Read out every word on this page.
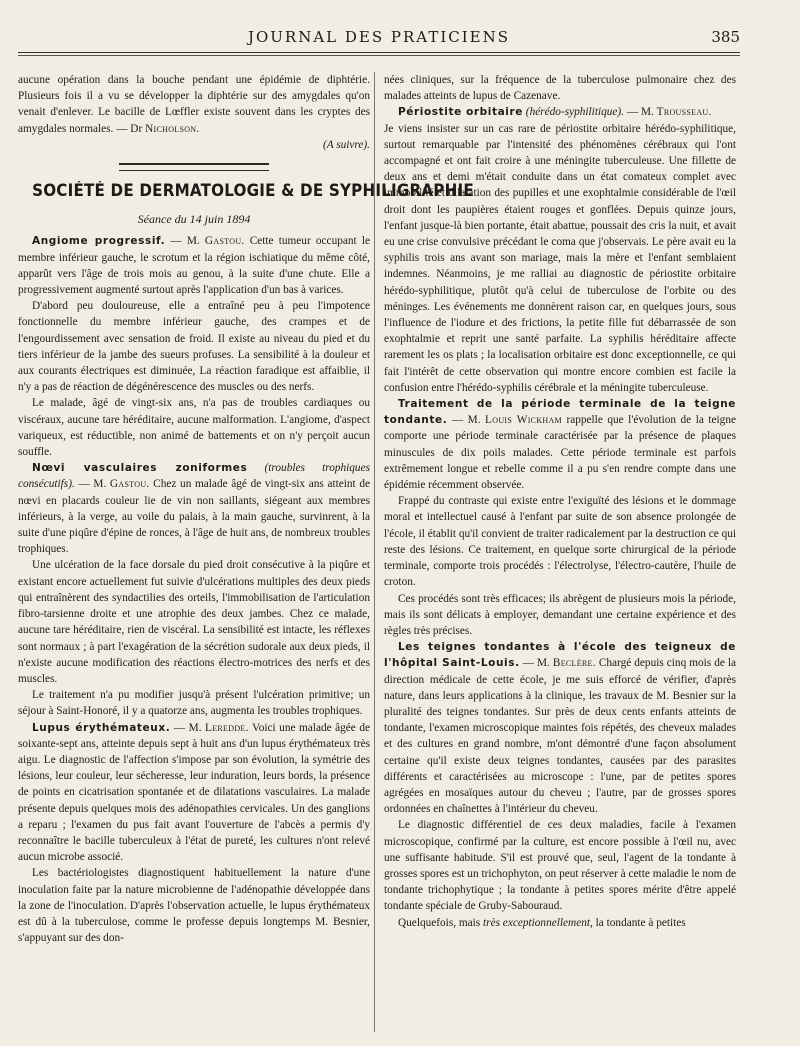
JOURNAL DES PRATICIENS	385

aucune opération dans la bouche pendant une épidémie de diphtérie. Plusieurs fois il a vu se développer la diphtérie sur des amygdales qu'on venait d'enlever. Le bacille de Lœffler existe souvent dans les cryptes des amygdales normales. — Dr Nicholson.

(A suivre).

SOCIÉTÉ DE DERMATOLOGIE & DE SYPHILIGRAPHIE
Séance du 14 juin 1894

Angiome progressif. — M. Gastou. Cette tumeur occupant le membre inférieur gauche, le scrotum et la région ischiatique du même côté, apparût vers l'âge de trois mois au genou, à la suite d'une chute. Elle a progressivement augmenté surtout après l'application d'un bas à varices.

D'abord peu douloureuse, elle a entraîné peu à peu l'impotence fonctionnelle du membre inférieur gauche, des crampes et de l'engourdissement avec sensation de froid. Il existe au niveau du pied et du tiers inférieur de la jambe des sueurs profuses. La sensibilité à la douleur et aux courants électriques est diminuée, La réaction faradique est affaiblie, il n'y a pas de réaction de dégénérescence des muscles ou des nerfs.

Le malade, âgé de vingt-six ans, n'a pas de troubles cardiaques ou viscéraux, aucune tare héréditaire, aucune malformation. L'angiome, d'aspect variqueux, est réductible, non animé de battements et on n'y perçoit aucun souffle.

Nœvi vasculaires zoniformes (troubles trophiques consécutifs). — M. Gastou. Chez un malade âgé de vingt-six ans atteint de nœvi en placards couleur lie de vin non saillants, siégeant aux membres inférieurs, à la verge, au voile du palais, à la main gauche, survinrent, à la suite d'une piqûre d'épine de ronces, à l'âge de huit ans, de nombreux troubles trophiques.

Une ulcération de la face dorsale du pied droit consécutive à la piqûre et existant encore actuellement fut suivie d'ulcérations multiples des deux pieds qui entraînèrent des syndactilies des orteils, l'immobilisation de l'articulation fibro-tarsienne droite et une atrophie des deux jambes. Chez ce malade, aucune tare héréditaire, rien de viscéral. La sensibilité est intacte, les réflexes sont normaux ; à part l'exagération de la sécrétion sudorale aux deux pieds, il n'existe aucune modification des réactions électro-motrices des nerfs et des muscles.

Le traitement n'a pu modifier jusqu'à présent l'ulcération primitive; un séjour à Saint-Honoré, il y a quatorze ans, augmenta les troubles trophiques.

Lupus érythémateux. — M. Leredde. Voici une malade âgée de soixante-sept ans, atteinte depuis sept à huit ans d'un lupus érythémateux très aigu. Le diagnostic de l'affection s'impose par son évolution, la symétrie des lésions, leur couleur, leur sécheresse, leur induration, leurs bords, la présence de points en cicatrisation spontanée et de dilatations vasculaires. La malade présente depuis quelques mois des adénopathies cervicales. Un des ganglions a reparu ; l'examen du pus fait avant l'ouverture de l'abcès a permis d'y reconnaître le bacille tuberculeux à l'état de pureté, les cultures n'ont relevé aucun microbe associé.

Les bactériologistes diagnostiquent habituellement la nature d'une inoculation faite par la nature microbienne de l'adénopathie développée dans la zone de l'inoculation. D'après l'observation actuelle, le lupus érythémateux est dû à la tuberculose, comme le professe depuis longtemps M. Besnier, s'appuyant sur des don-

nées cliniques, sur la fréquence de la tuberculose pulmonaire chez des malades atteints de lupus de Cazenave.

Périostite orbitaire (hérédo-syphilitique). — M. Trousseau.

Je viens insister sur un cas rare de périostite orbitaire hérédo-syphilitique, surtout remarquable par l'intensité des phénomènes cérébraux qui l'ont accompagné et ont fait croire à une méningite tuberculeuse. Une fillette de deux ans et demi m'était conduite dans un état comateux complet avec immobilité et dilatation des pupilles et une exophtalmie considérable de l'œil droit dont les paupières étaient rouges et gonflées. Depuis quinze jours, l'enfant jusque-là bien portante, était abattue, poussait des cris la nuit, et avait eu une crise convulsive précédant le coma que j'observais. Le père avait eu la syphilis trois ans avant son mariage, mais la mère et l'enfant semblaient indemnes. Néanmoins, je me ralliai au diagnostic de périostite orbitaire hérédo-syphilitique, plutôt qu'à celui de tuberculose de l'orbite ou des méninges. Les événements me donnèrent raison car, en quelques jours, sous l'influence de l'iodure et des frictions, la petite fille fut débarrassée de son exophtalmie et reprit une santé parfaite. La syphilis héréditaire affecte rarement les os plats ; la localisation orbitaire est donc exceptionnelle, ce qui fait l'intérêt de cette observation qui montre encore combien est facile la confusion entre l'hérédo-syphilis cérébrale et la méningite tuberculeuse.

Traitement de la période terminale de la teigne tondante. — M. Louis Wickham rappelle que l'évolution de la teigne comporte une période terminale caractérisée par la présence de plaques minuscules de dix poils malades. Cette période terminale est parfois extrêmement longue et rebelle comme il a pu s'en rendre compte dans une épidémie récemment observée.

Frappé du contraste qui existe entre l'exiguïté des lésions et le dommage moral et intellectuel causé à l'enfant par suite de son absence prolongée de l'école, il établit qu'il convient de traiter radicalement par la destruction ce qui reste des lésions. Ce traitement, en quelque sorte chirurgical de la période terminale, comporte trois procédés : l'électrolyse, l'électro-cautère, l'huile de croton.

Ces procédés sont très efficaces; ils abrègent de plusieurs mois la période, mais ils sont délicats à employer, demandant une certaine expérience et des règles très précises.

Les teignes tondantes à l'école des teigneux de l'hôpital Saint-Louis. — M. Beclère. Chargé depuis cinq mois de la direction médicale de cette école, je me suis efforcé de vérifier, d'après nature, dans leurs applications à la clinique, les travaux de M. Besnier sur la pluralité des teignes tondantes. Sur près de deux cents enfants atteints de tondante, l'examen microscopique maintes fois répétés, des cheveux malades et des cultures en grand nombre, m'ont démontré d'une façon absolument certaine qu'il existe deux teignes tondantes, causées par des parasites différents et caractérisées au microscope : l'une, par de petites spores agrégées en mosaïques autour du cheveu ; l'autre, par de grosses spores ordonnées en chaînettes à l'intérieur du cheveu.

Le diagnostic différentiel de ces deux maladies, facile à l'examen microscopique, confirmé par la culture, est encore possible à l'œil nu, avec une suffisante habitude. S'il est prouvé que, seul, l'agent de la tondante à grosses spores est un trichophyton, on peut réserver à cette maladie le nom de tondante trichophytique ; la tondante à petites spores mérite d'être appelé tondante spéciale de Gruby-Sabouraud.

Quelquefois, mais très exceptionnellement, la tondante à petites
